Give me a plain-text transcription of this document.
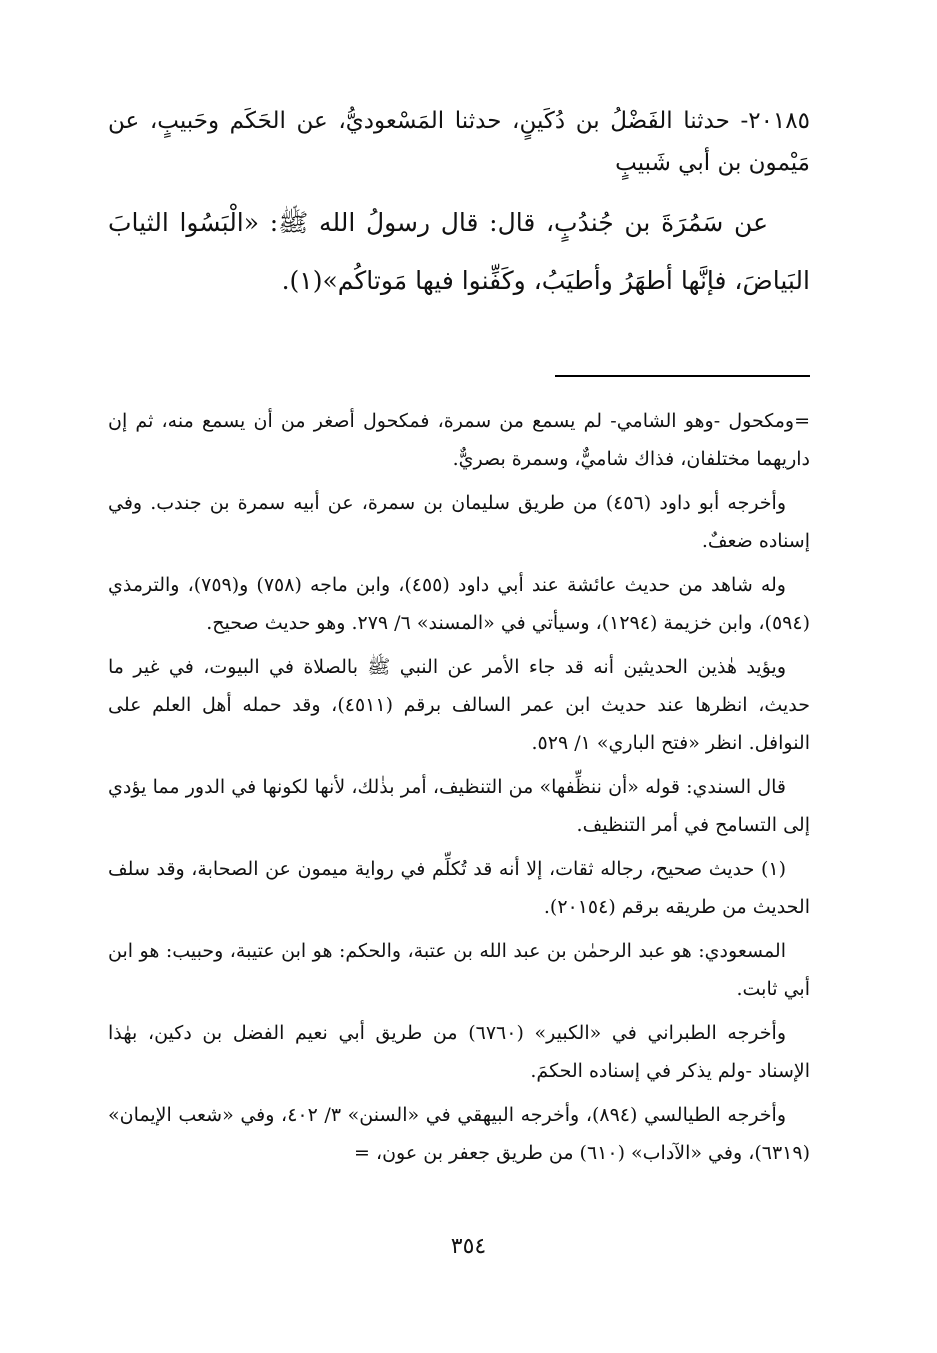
٢٠١٨٥- حدثنا الفَضْلُ بن دُكَينٍ، حدثنا المَسْعوديُّ، عن الحَكَم وحَبيبٍ، عن مَيْمون بن أبي شَبيبٍ

عن سَمُرَةَ بن جُندُبٍ، قال: قال رسولُ الله ﷺ: «الْبَسُوا الثيابَ البَياضَ، فإنَّها أطهَرُ وأطيَبُ، وكَفِّنوا فيها مَوتاكُم»(١).

=ومكحول -وهو الشامي- لم يسمع من سمرة، فمكحول أصغر من أن يسمع منه، ثم إن داريهما مختلفان، فذاك شاميٌّ، وسمرة بصريٌّ.

وأخرجه أبو داود (٤٥٦) من طريق سليمان بن سمرة، عن أبيه سمرة بن جندب. وفي إسناده ضعفٌ.

وله شاهد من حديث عائشة عند أبي داود (٤٥٥)، وابن ماجه (٧٥٨) و(٧٥٩)، والترمذي (٥٩٤)، وابن خزيمة (١٢٩٤)، وسيأتي في «المسند» ٦/ ٢٧٩. وهو حديث صحيح.

ويؤيد هٰذين الحديثين أنه قد جاء الأمر عن النبي ﷺ بالصلاة في البيوت، في غير ما حديث، انظرها عند حديث ابن عمر السالف برقم (٤٥١١)، وقد حمله أهل العلم على النوافل. انظر «فتح الباري» ١/ ٥٢٩.

قال السندي: قوله «أن ننظِّفها» من التنظيف، أمر بذٰلك، لأنها لكونها في الدور مما يؤدي إلى التسامح في أمر التنظيف.

(١) حديث صحيح، رجاله ثقات، إلا أنه قد تُكلِّم في رواية ميمون عن الصحابة، وقد سلف الحديث من طريقه برقم (٢٠١٥٤).

المسعودي: هو عبد الرحمٰن بن عبد الله بن عتبة، والحكم: هو ابن عتيبة، وحبيب: هو ابن أبي ثابت.

وأخرجه الطبراني في «الكبير» (٦٧٦٠) من طريق أبي نعيم الفضل بن دكين، بهٰذا الإسناد -ولم يذكر في إسناده الحكمَ.

وأخرجه الطيالسي (٨٩٤)، وأخرجه البيهقي في «السنن» ٣/ ٤٠٢، وفي «شعب الإيمان» (٦٣١٩)، وفي «الآداب» (٦١٠) من طريق جعفر بن عون، =

٣٥٤
